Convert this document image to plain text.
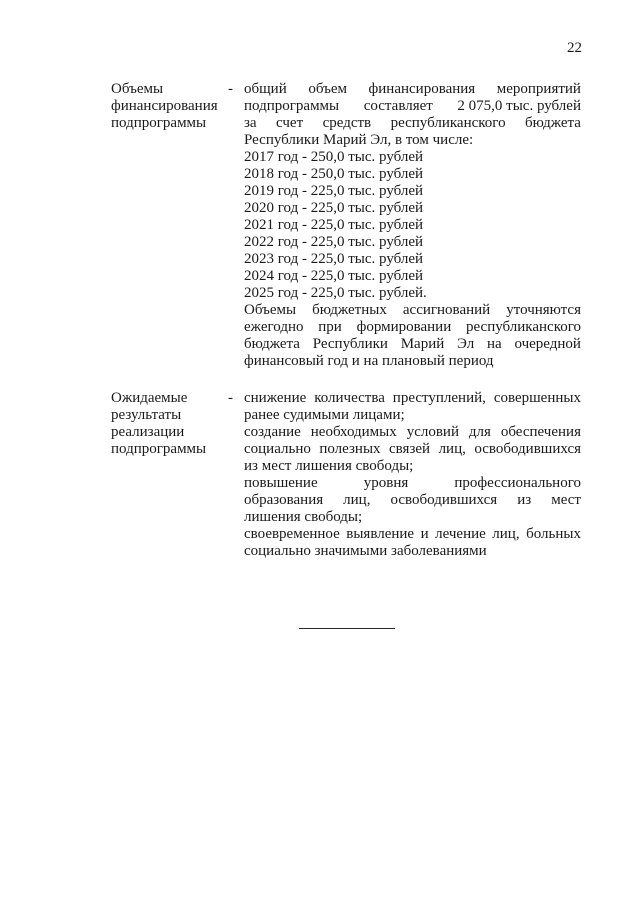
22
Объемы
финансирования
подпрограммы
- общий объем финансирования мероприятий
подпрограммы составляет 2 075,0 тыс. рублей
за счет средств республиканского бюджета
Республики Марий Эл, в том числе:
2017 год - 250,0 тыс. рублей
2018 год - 250,0 тыс. рублей
2019 год - 225,0 тыс. рублей
2020 год - 225,0 тыс. рублей
2021 год - 225,0 тыс. рублей
2022 год - 225,0 тыс. рублей
2023 год - 225,0 тыс. рублей
2024 год - 225,0 тыс. рублей
2025 год - 225,0 тыс. рублей.
Объемы бюджетных ассигнований уточняются
ежегодно при формировании республиканского
бюджета Республики Марий Эл на очередной
финансовый год и на плановый период
Ожидаемые
результаты
реализации
подпрограммы
- снижение количества преступлений, совершенных
ранее судимыми лицами;
создание необходимых условий для обеспечения
социально полезных связей лиц, освободившихся
из мест лишения свободы;
повышение	уровня	профессионального
образования лиц, освободившихся из мест
лишения свободы;
своевременное выявление и лечение лиц, больных
социально значимыми заболеваниями
